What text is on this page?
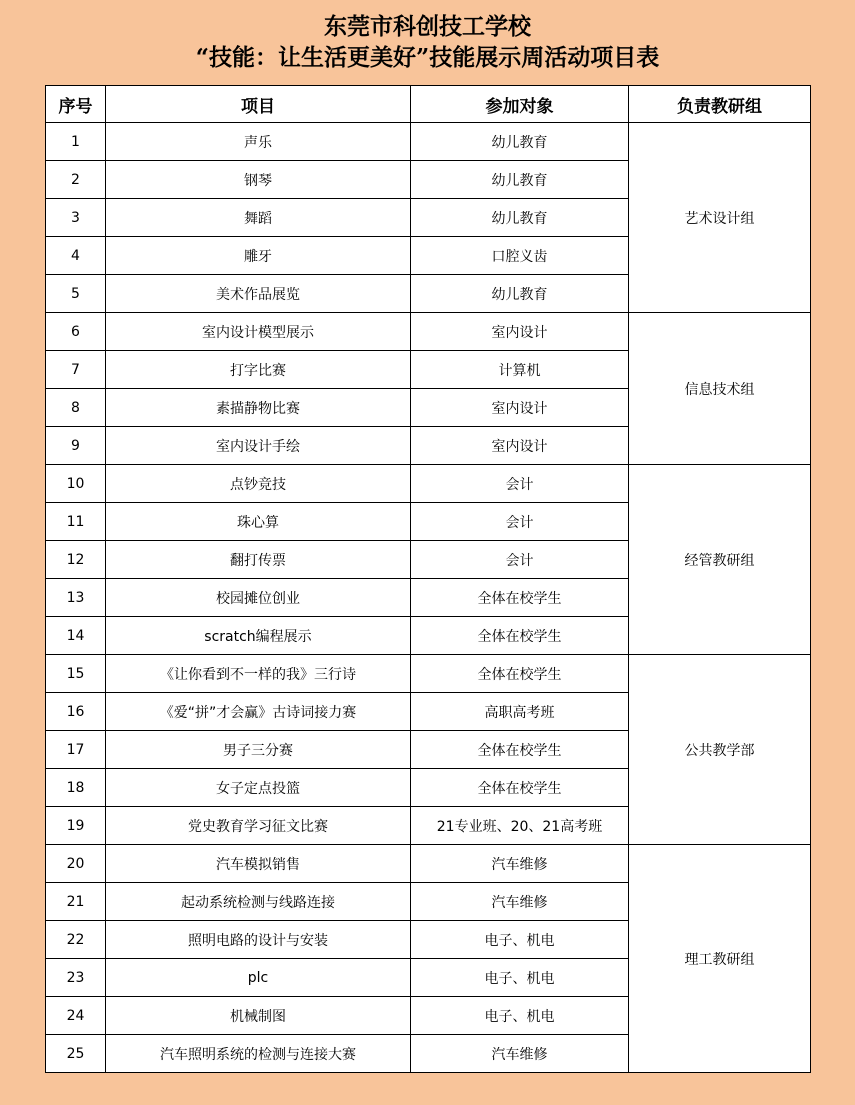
东莞市科创技工学校
“技能：让生活更美好”技能展示周活动项目表
序号	项目	参加对象	负责教研组
1	声乐	幼儿教育	艺术设计组
2	钢琴	幼儿教育	
3	舞蹈	幼儿教育	
4	雕牙	口腔义齿	
5	美术作品展览	幼儿教育	
6	室内设计模型展示	室内设计	信息技术组
7	打字比赛	计算机	
8	素描静物比赛	室内设计	
9	室内设计手绘	室内设计	
10	点钞竞技	会计	经管教研组
11	珠心算	会计	
12	翻打传票	会计	
13	校园摊位创业	全体在校学生	
14	scratch编程展示	全体在校学生	
15	《让你看到不一样的我》三行诗	全体在校学生	公共教学部
16	《爱“拼”才会赢》古诗词接力赛	高职高考班	
17	男子三分赛	全体在校学生	
18	女子定点投篮	全体在校学生	
19	党史教育学习征文比赛	21专业班、20、21高考班	
20	汽车模拟销售	汽车维修	理工教研组
21	起动系统检测与线路连接	汽车维修	
22	照明电路的设计与安装	电子、机电	
23	plc	电子、机电	
24	机械制图	电子、机电	
25	汽车照明系统的检测与连接大赛	汽车维修	
